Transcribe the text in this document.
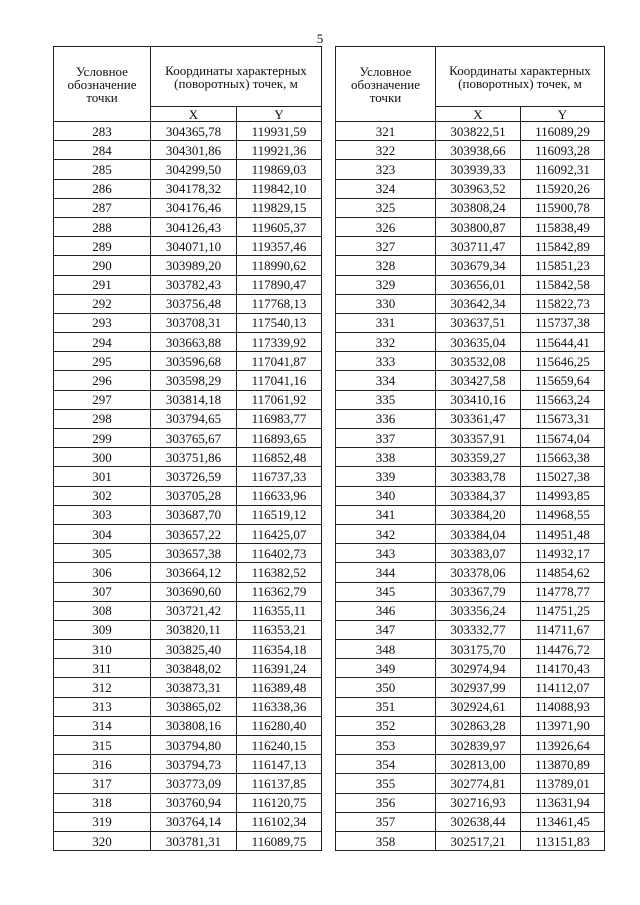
5
Условное обозначение точки	Координаты характерных (поворотных) точек, м	
	X	Y
283	304365,78	119931,59
284	304301,86	119921,36
285	304299,50	119869,03
286	304178,32	119842,10
287	304176,46	119829,15
288	304126,43	119605,37
289	304071,10	119357,46
290	303989,20	118990,62
291	303782,43	117890,47
292	303756,48	117768,13
293	303708,31	117540,13
294	303663,88	117339,92
295	303596,68	117041,87
296	303598,29	117041,16
297	303814,18	117061,92
298	303794,65	116983,77
299	303765,67	116893,65
300	303751,86	116852,48
301	303726,59	116737,33
302	303705,28	116633,96
303	303687,70	116519,12
304	303657,22	116425,07
305	303657,38	116402,73
306	303664,12	116382,52
307	303690,60	116362,79
308	303721,42	116355,11
309	303820,11	116353,21
310	303825,40	116354,18
311	303848,02	116391,24
312	303873,31	116389,48
313	303865,02	116338,36
314	303808,16	116280,40
315	303794,80	116240,15
316	303794,73	116147,13
317	303773,09	116137,85
318	303760,94	116120,75
319	303764,14	116102,34
320	303781,31	116089,75
Условное обозначение точки	Координаты характерных (поворотных) точек, м	
	X	Y
321	303822,51	116089,29
322	303938,66	116093,28
323	303939,33	116092,31
324	303963,52	115920,26
325	303808,24	115900,78
326	303800,87	115838,49
327	303711,47	115842,89
328	303679,34	115851,23
329	303656,01	115842,58
330	303642,34	115822,73
331	303637,51	115737,38
332	303635,04	115644,41
333	303532,08	115646,25
334	303427,58	115659,64
335	303410,16	115663,24
336	303361,47	115673,31
337	303357,91	115674,04
338	303359,27	115663,38
339	303383,78	115027,38
340	303384,37	114993,85
341	303384,20	114968,55
342	303384,04	114951,48
343	303383,07	114932,17
344	303378,06	114854,62
345	303367,79	114778,77
346	303356,24	114751,25
347	303332,77	114711,67
348	303175,70	114476,72
349	302974,94	114170,43
350	302937,99	114112,07
351	302924,61	114088,93
352	302863,28	113971,90
353	302839,97	113926,64
354	302813,00	113870,89
355	302774,81	113789,01
356	302716,93	113631,94
357	302638,44	113461,45
358	302517,21	113151,83
